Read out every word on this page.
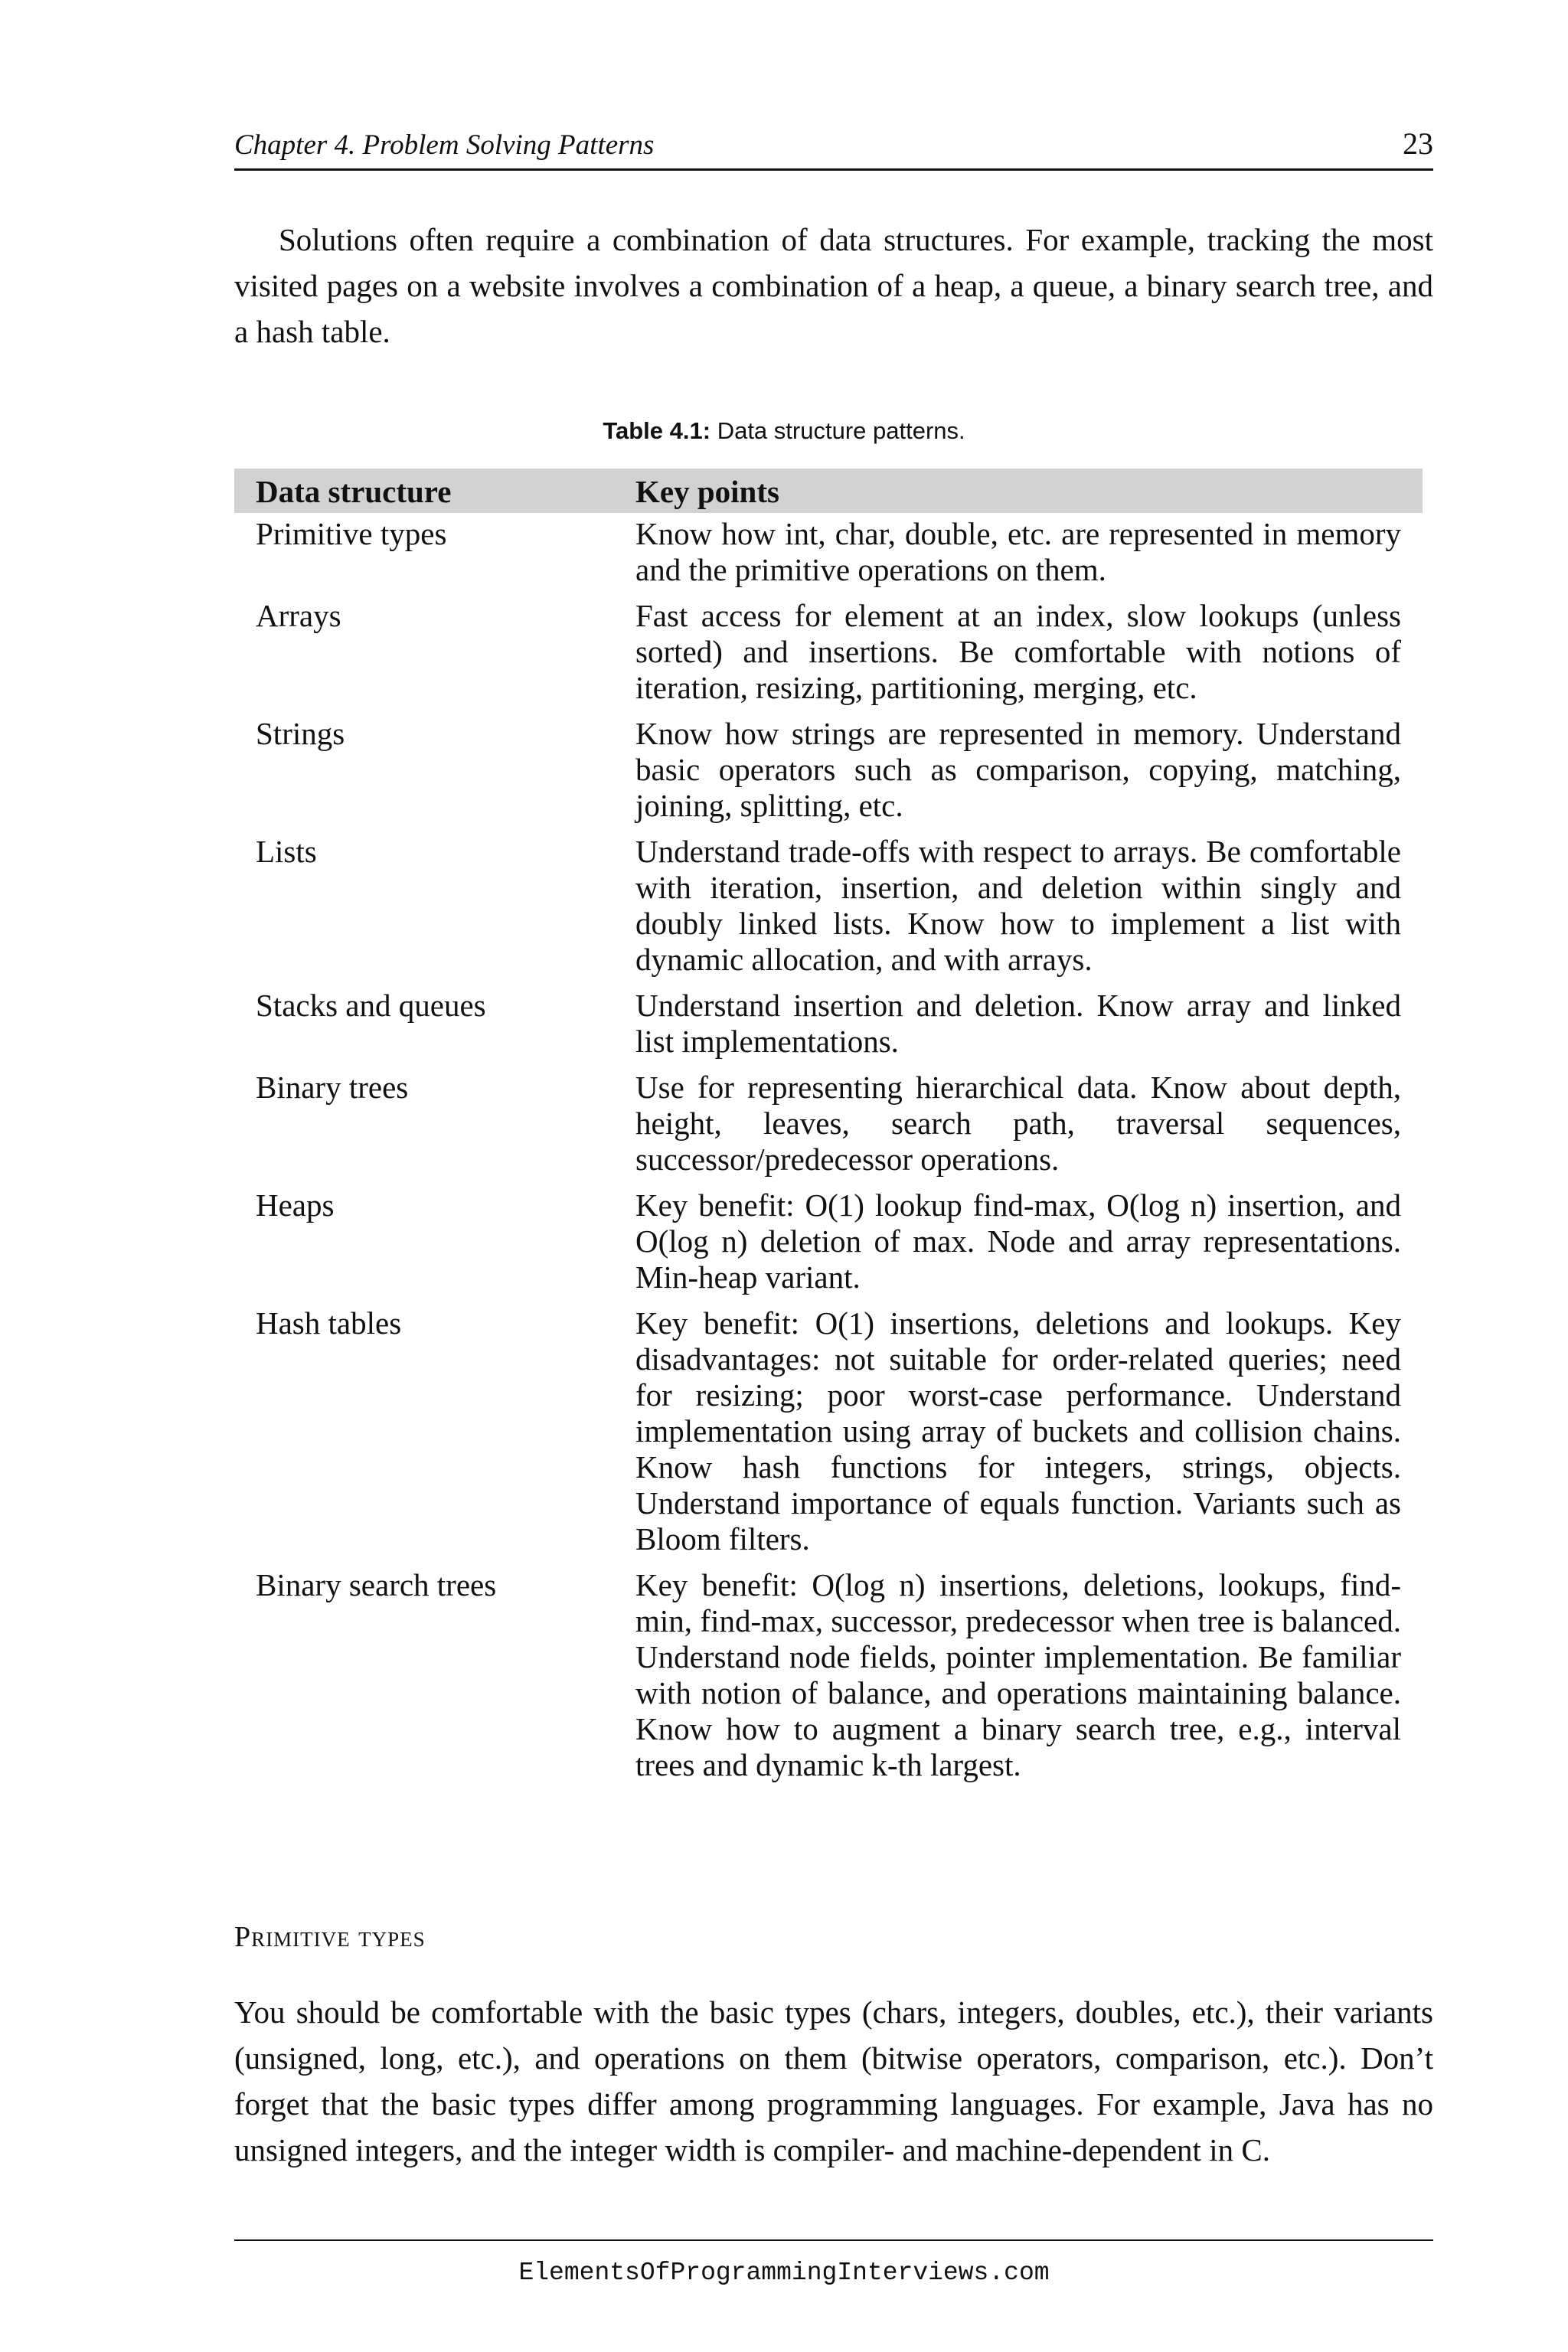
Chapter 4. Problem Solving Patterns	23

Solutions often require a combination of data structures. For example, tracking the most visited pages on a website involves a combination of a heap, a queue, a binary search tree, and a hash table.

Table 4.1: Data structure patterns.
Data structure	Key points
Primitive types	Know how int, char, double, etc. are represented in memory and the primitive operations on them.
Arrays	Fast access for element at an index, slow lookups (unless sorted) and insertions. Be comfortable with notions of iteration, resizing, partitioning, merging, etc.
Strings	Know how strings are represented in memory. Understand basic operators such as comparison, copying, matching, joining, splitting, etc.
Lists	Understand trade-offs with respect to arrays. Be comfortable with iteration, insertion, and deletion within singly and doubly linked lists. Know how to implement a list with dynamic allocation, and with arrays.
Stacks and queues	Understand insertion and deletion. Know array and linked list implementations.
Binary trees	Use for representing hierarchical data. Know about depth, height, leaves, search path, traversal sequences, successor/predecessor operations.
Heaps	Key benefit: O(1) lookup find-max, O(log n) insertion, and O(log n) deletion of max. Node and array representations. Min-heap variant.
Hash tables	Key benefit: O(1) insertions, deletions and lookups. Key disadvantages: not suitable for order-related queries; need for resizing; poor worst-case performance. Understand implementation using array of buckets and collision chains. Know hash functions for integers, strings, objects. Understand importance of equals function. Variants such as Bloom filters.
Binary search trees	Key benefit: O(log n) insertions, deletions, lookups, find-min, find-max, successor, predecessor when tree is balanced. Understand node fields, pointer implementation. Be familiar with notion of balance, and operations maintaining balance. Know how to augment a binary search tree, e.g., interval trees and dynamic k-th largest.
Primitive types

You should be comfortable with the basic types (chars, integers, doubles, etc.), their variants (unsigned, long, etc.), and operations on them (bitwise operators, comparison, etc.). Don’t forget that the basic types differ among programming languages. For example, Java has no unsigned integers, and the integer width is compiler- and machine-dependent in C.

ElementsOfProgrammingInterviews.com
